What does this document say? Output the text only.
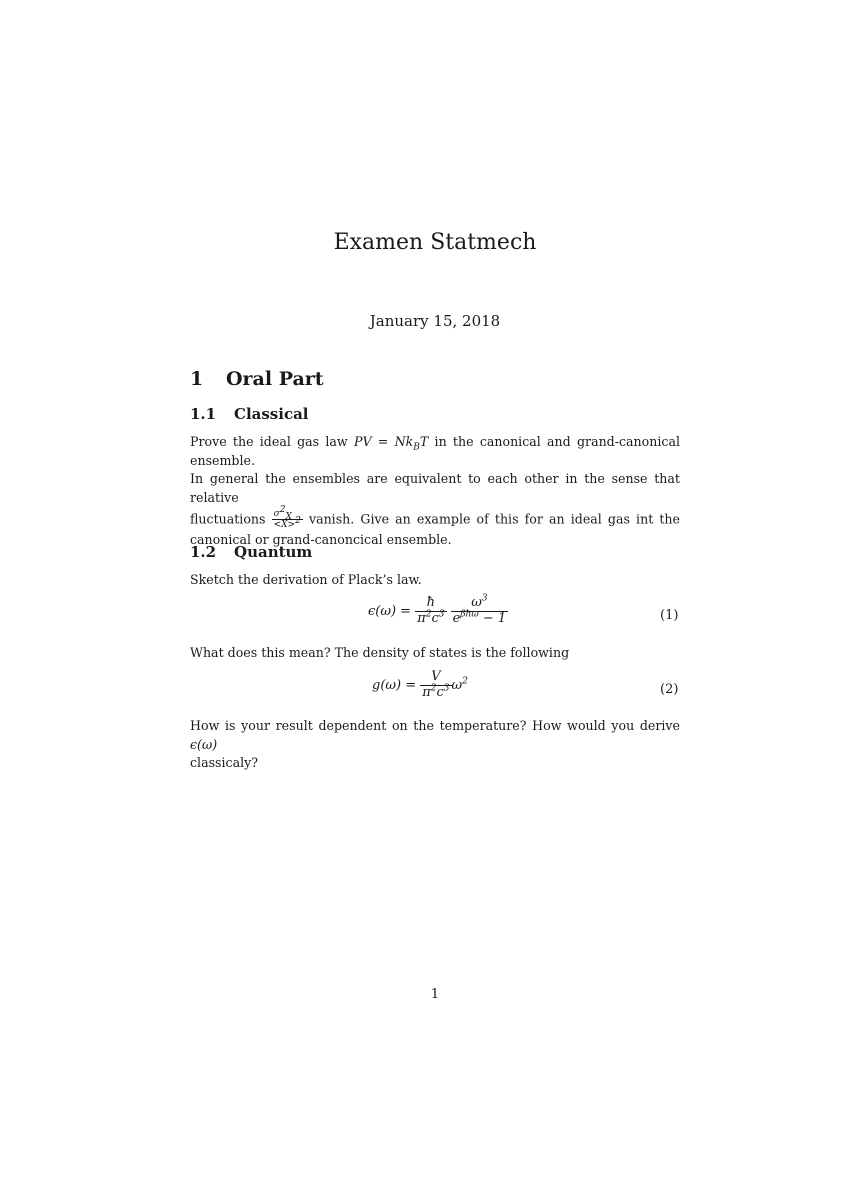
Examen Statmech
January 15, 2018
1 Oral Part
1.1 Classical
Prove the ideal gas law PV = $Nk_BT$ in the canonical and grand-canonical
ensemble.
In general the ensembles are equivalent to each other in the sense that relative
fluctuations $\frac{\sigma^2_X}{<X>^2}$ vanish. Give an example of this for an ideal gas int the
canonical or grand-canoncical ensemble.
1.2 Quantum
Sketch the derivation of Plack’s law.
$\epsilon(\omega) = \frac{ħ}{\pi^2c^3}$
$\frac{\omega^3}{e^{\beta ħ\omega} - 1}$	(1)
What does this mean? The density of states is the following
$g(\omega) = \frac{V}{\pi^2c^3} \omega^2$
(2)
How is your result dependent on the temperature? How would you derive ϵ(ω)
classicaly?
1
